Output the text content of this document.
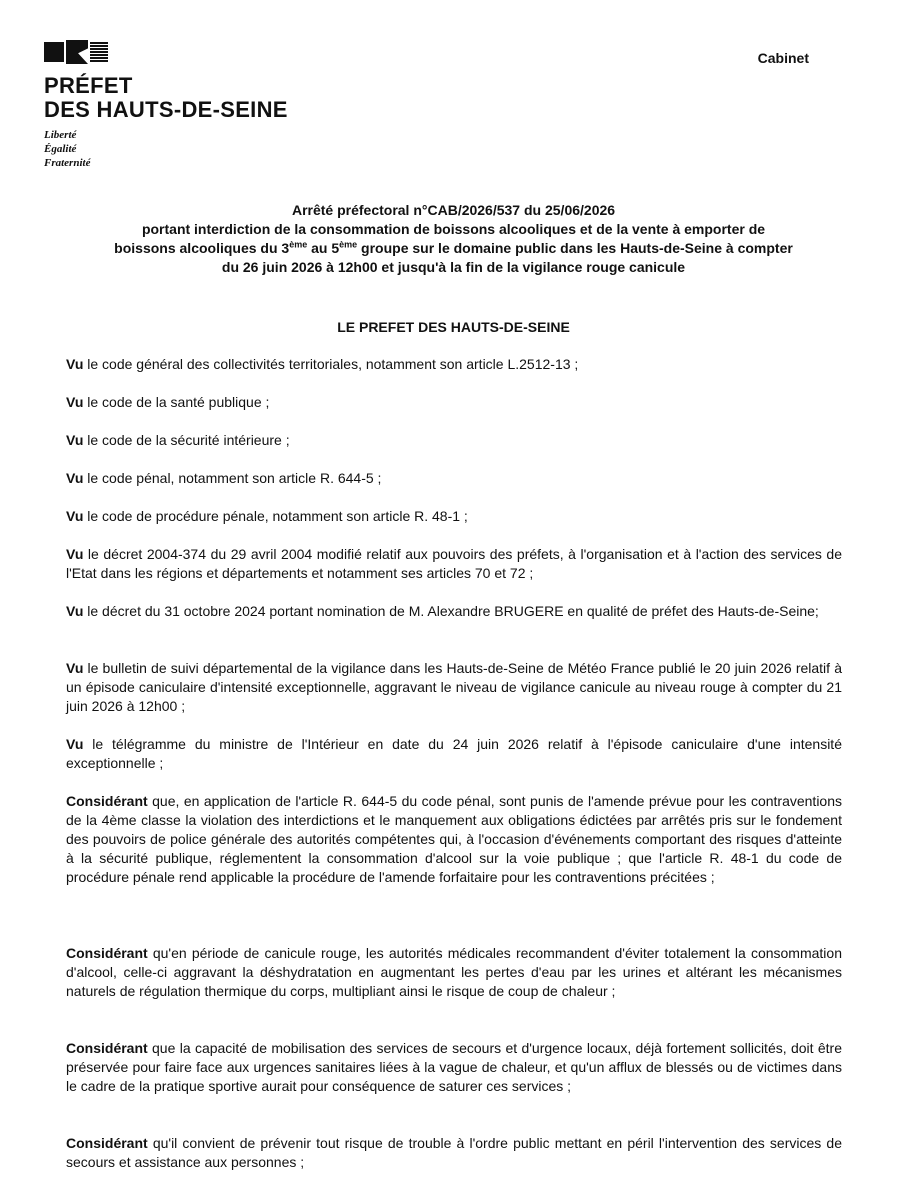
PRÉFET
DES HAUTS-DE-SEINE
Liberté
Égalité
Fraternité
Cabinet
Arrêté préfectoral n°CAB/2026/537 du 25/06/2026
portant interdiction de la consommation de boissons alcooliques et de la vente à emporter de
boissons alcooliques du 3ème au 5ème groupe sur le domaine public dans les Hauts-de-Seine à compter
du 26 juin 2026 à 12h00 et jusqu'à la fin de la vigilance rouge canicule
LE PREFET DES HAUTS-DE-SEINE
Vu le code général des collectivités territoriales, notamment son article L.2512-13 ;
Vu le code de la santé publique ;
Vu le code de la sécurité intérieure ;
Vu le code pénal, notamment son article R. 644-5 ;
Vu le code de procédure pénale, notamment son article R. 48-1 ;
Vu le décret 2004-374 du 29 avril 2004 modifié relatif aux pouvoirs des préfets, à l'organisation et à l'action des services de l'Etat dans les régions et départements et notamment ses articles 70 et 72 ;
Vu le décret du 31 octobre 2024 portant nomination de M. Alexandre BRUGERE en qualité de préfet des Hauts-de-Seine;
Vu le bulletin de suivi départemental de la vigilance dans les Hauts-de-Seine de Météo France publié le 20 juin 2026 relatif à un épisode caniculaire d'intensité exceptionnelle, aggravant le niveau de vigilance canicule au niveau rouge à compter du 21 juin 2026 à 12h00 ;
Vu le télégramme du ministre de l'Intérieur en date du 24 juin 2026 relatif à l'épisode caniculaire d'une intensité exceptionnelle ;
Considérant que, en application de l'article R. 644-5 du code pénal, sont punis de l'amende prévue pour les contraventions de la 4ème classe la violation des interdictions et le manquement aux obligations édictées par arrêtés pris sur le fondement des pouvoirs de police générale des autorités compétentes qui, à l'occasion d'événements comportant des risques d'atteinte à la sécurité publique, réglementent la consommation d'alcool sur la voie publique ; que l'article R. 48-1 du code de procédure pénale rend applicable la procédure de l'amende forfaitaire pour les contraventions précitées ;
Considérant qu'en période de canicule rouge, les autorités médicales recommandent d'éviter totalement la consommation d'alcool, celle-ci aggravant la déshydratation en augmentant les pertes d'eau par les urines et altérant les mécanismes naturels de régulation thermique du corps, multipliant ainsi le risque de coup de chaleur ;
Considérant que la capacité de mobilisation des services de secours et d'urgence locaux, déjà fortement sollicités, doit être préservée pour faire face aux urgences sanitaires liées à la vague de chaleur, et qu'un afflux de blessés ou de victimes dans le cadre de la pratique sportive aurait pour conséquence de saturer ces services ;
Considérant qu'il convient de prévenir tout risque de trouble à l'ordre public mettant en péril l'intervention des services de secours et assistance aux personnes ;
